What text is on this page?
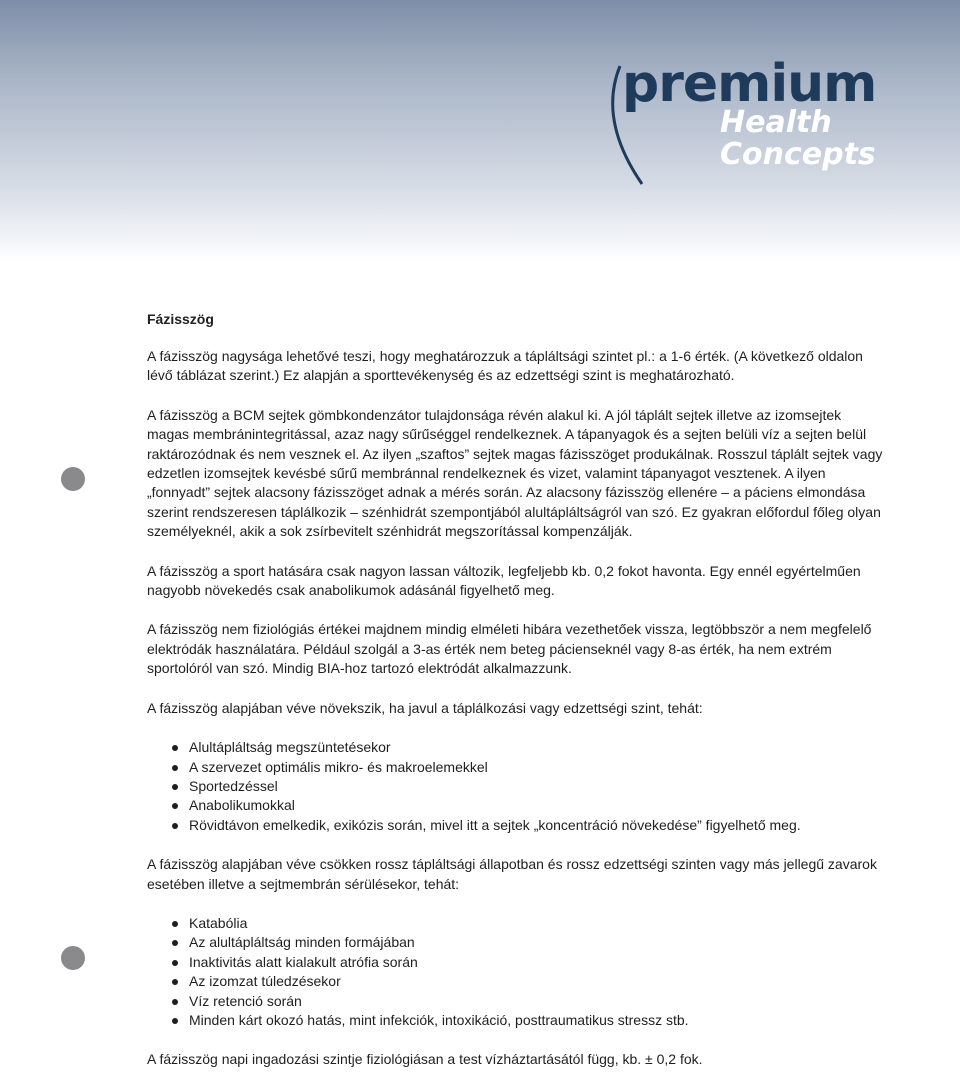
premium
Health
Concepts
Fázisszög

A fázisszög nagysága lehetővé teszi, hogy meghatározzuk a tápláltsági szintet pl.: a 1-6 érték. (A következő oldalon lévő táblázat szerint.) Ez alapján a sporttevékenység és az edzettségi szint is meghatározható.

A fázisszög a BCM sejtek gömbkondenzátor tulajdonsága révén alakul ki. A jól táplált sejtek illetve az izomsejtek magas membránintegritással, azaz nagy sűrűséggel rendelkeznek. A tápanyagok és a sejten belüli víz a sejten belül raktározódnak és nem vesznek el. Az ilyen „szaftos” sejtek magas fázisszöget produkálnak. Rosszul táplált sejtek vagy edzetlen izomsejtek kevésbé sűrű membránnal rendelkeznek és vizet, valamint tápanyagot vesztenek. A ilyen „fonnyadt” sejtek alacsony fázisszöget adnak a mérés során. Az alacsony fázisszög ellenére – a páciens elmondása szerint rendszeresen táplálkozik – szénhidrát szempontjából alultápláltságról van szó. Ez gyakran előfordul főleg olyan személyeknél, akik a sok zsírbevitelt szénhidrát megszorítással kompenzálják.

A fázisszög a sport hatására csak nagyon lassan változik, legfeljebb kb. 0,2 fokot havonta. Egy ennél egyértelműen nagyobb növekedés csak anabolikumok adásánál figyelhető meg.

A fázisszög nem fiziológiás értékei majdnem mindig elméleti hibára vezethetőek vissza, legtöbbször a nem megfelelő elektródák használatára. Például szolgál a 3-as érték nem beteg pácienseknél vagy 8-as érték, ha nem extrém sportolóról van szó. Mindig BIA-hoz tartozó elektródát alkalmazzunk.

A fázisszög alapjában véve növekszik, ha javul a táplálkozási vagy edzettségi szint, tehát:

Alultápláltság megszüntetésekor
A szervezet optimális mikro- és makroelemekkel
Sportedzéssel
Anabolikumokkal
Rövidtávon emelkedik, exikózis során, mivel itt a sejtek „koncentráció növekedése” figyelhető meg.

A fázisszög alapjában véve csökken rossz tápláltsági állapotban és rossz edzettségi szinten vagy más jellegű zavarok esetében illetve a sejtmembrán sérülésekor, tehát:

Katabólia
Az alultápláltság minden formájában
Inaktivitás alatt kialakult atrófia során
Az izomzat túledzésekor
Víz retenció során
Minden kárt okozó hatás, mint infekciók, intoxikáció, posttraumatikus stressz stb.

A fázisszög napi ingadozási szintje fiziológiásan a test vízháztartásától függ, kb. ± 0,2 fok.
